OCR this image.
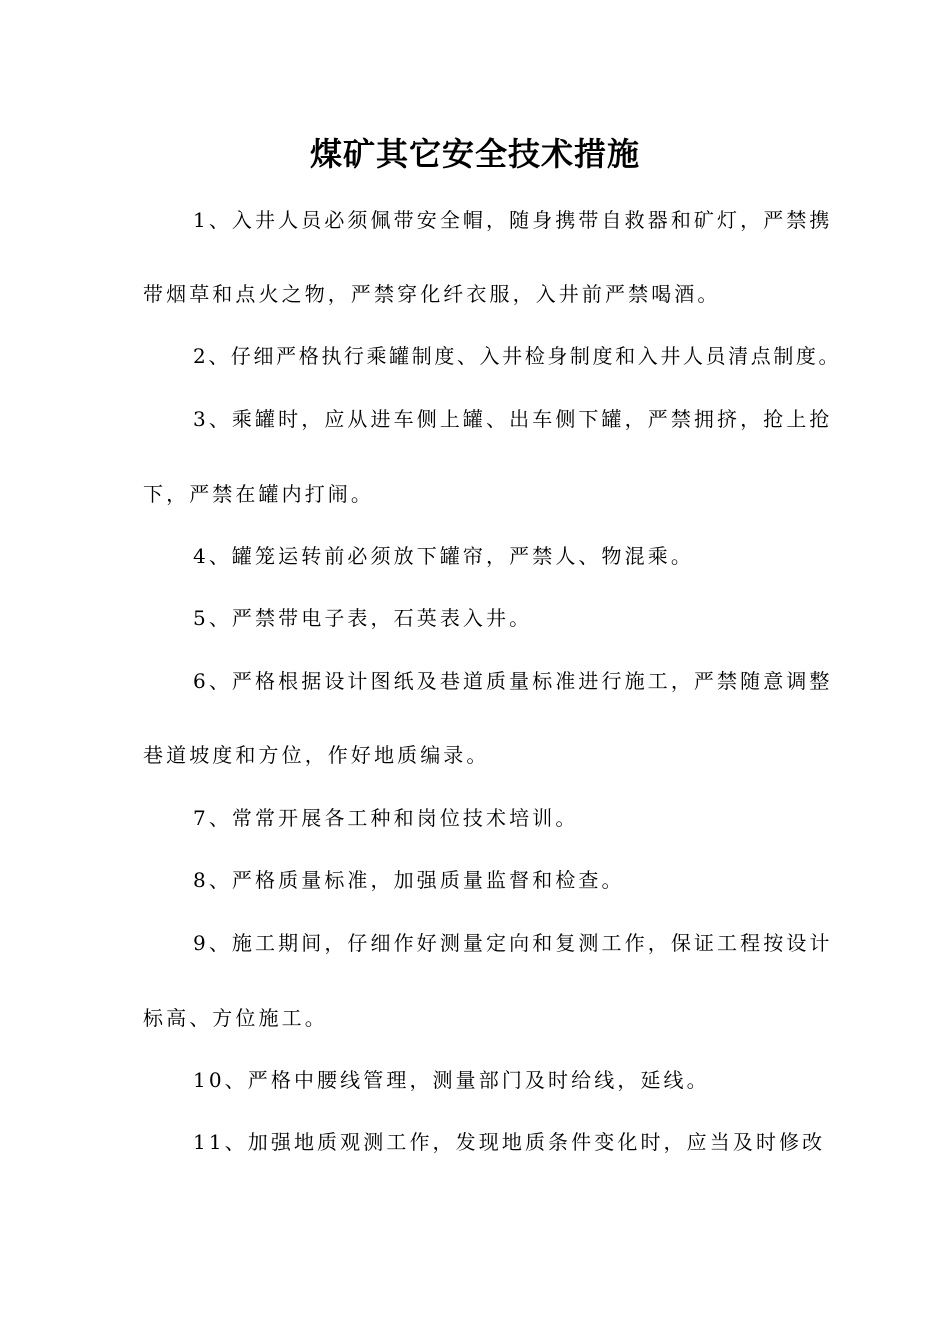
煤矿其它安全技术措施

1、入井人员必须佩带安全帽，随身携带自救器和矿灯，严禁携

带烟草和点火之物，严禁穿化纤衣服，入井前严禁喝酒。

2、仔细严格执行乘罐制度、入井检身制度和入井人员清点制度。

3、乘罐时，应从进车侧上罐、出车侧下罐，严禁拥挤，抢上抢

下，严禁在罐内打闹。

4、罐笼运转前必须放下罐帘，严禁人、物混乘。

5、严禁带电子表，石英表入井。

6、严格根据设计图纸及巷道质量标准进行施工，严禁随意调整

巷道坡度和方位，作好地质编录。

7、常常开展各工种和岗位技术培训。

8、严格质量标准，加强质量监督和检查。

9、施工期间，仔细作好测量定向和复测工作，保证工程按设计

标高、方位施工。

10、严格中腰线管理，测量部门及时给线，延线。

11、加强地质观测工作，发现地质条件变化时，应当及时修改
